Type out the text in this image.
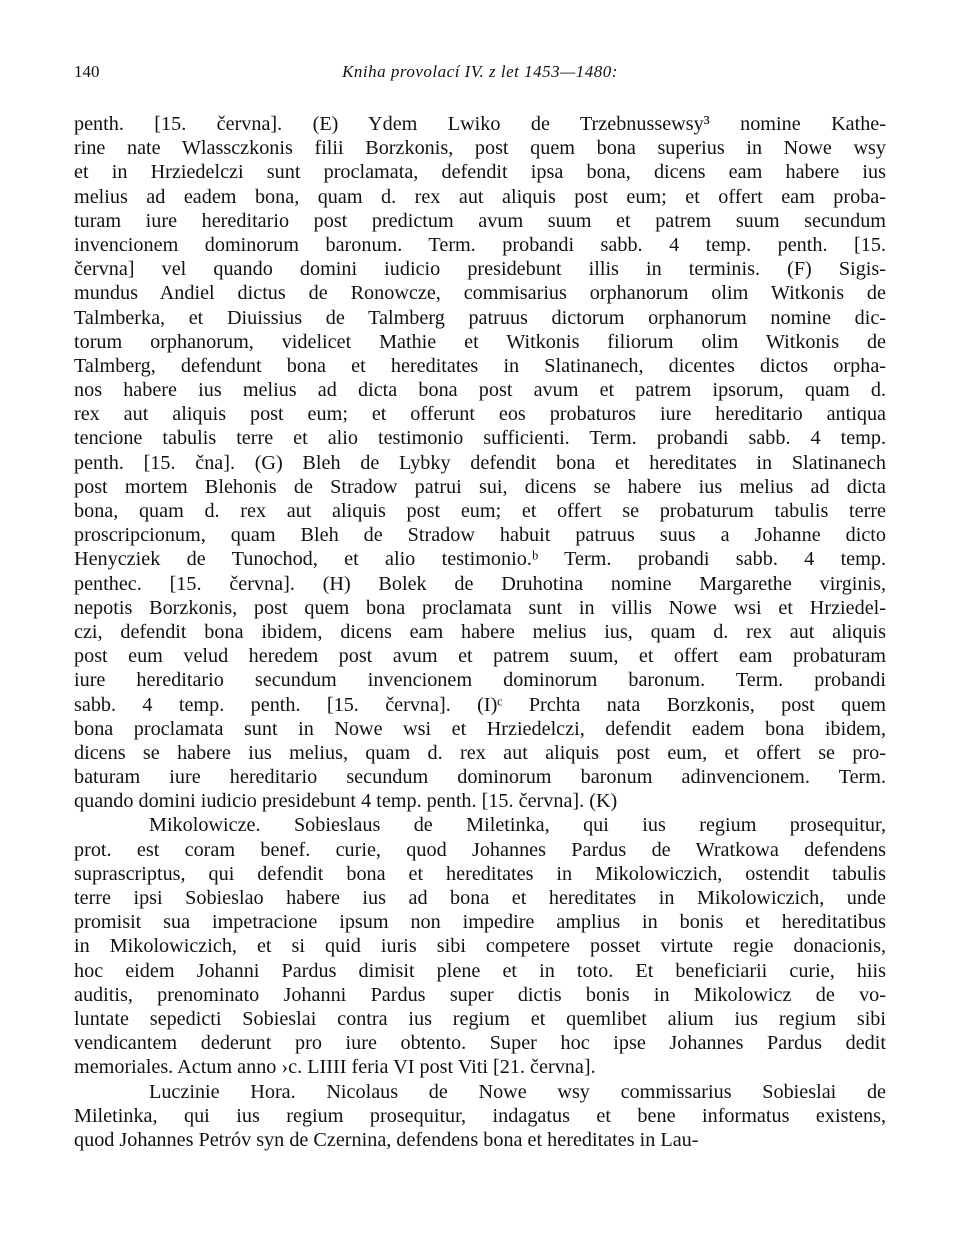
140	Kniha provolací IV. z let 1453—1480:
penth. [15. června]. (E) Ydem Lwiko de Trzebnussewsy³ nomine Kathe-
rine nate Wlassczkonis filii Borzkonis, post quem bona superius in Nowe wsy
et in Hrziedelczi sunt proclamata, defendit ipsa bona, dicens eam habere ius
melius ad eadem bona, quam d. rex aut aliquis post eum; et offert eam proba-
turam iure hereditario post predictum avum suum et patrem suum secundum
invencionem dominorum baronum. Term. probandi sabb. 4 temp. penth. [15.
června] vel quando domini iudicio presidebunt illis in terminis. (F) Sigis-
mundus Andiel dictus de Ronowcze, commisarius orphanorum olim Witkonis de
Talmberka, et Diuissius de Talmberg patruus dictorum orphanorum nomine dic-
torum orphanorum, videlicet Mathie et Witkonis filiorum olim Witkonis de
Talmberg, defendunt bona et hereditates in Slatinanech, dicentes dictos orpha-
nos habere ius melius ad dicta bona post avum et patrem ipsorum, quam d.
rex aut aliquis post eum; et offerunt eos probaturos iure hereditario antiqua
tencione tabulis terre et alio testimonio sufficienti. Term. probandi sabb. 4 temp.
penth. [15. čna]. (G) Bleh de Lybky defendit bona et hereditates in Slatinanech
post mortem Blehonis de Stradow patrui sui, dicens se habere ius melius ad dicta
bona, quam d. rex aut aliquis post eum; et offert se probaturum tabulis terre
proscripcionum, quam Bleh de Stradow habuit patruus suus a Johanne dicto
Henycziek de Tunochod, et alio testimonio.ᵇ Term. probandi sabb. 4 temp.
penthec. [15. června]. (H) Bolek de Druhotina nomine Margarethe virginis,
nepotis Borzkonis, post quem bona proclamata sunt in villis Nowe wsi et Hrziedel-
czi, defendit bona ibidem, dicens eam habere melius ius, quam d. rex aut aliquis
post eum velud heredem post avum et patrem suum, et offert eam probaturam
iure hereditario secundum invencionem dominorum baronum. Term. probandi
sabb. 4 temp. penth. [15. června]. (I)ᶜ Prchta nata Borzkonis, post quem
bona proclamata sunt in Nowe wsi et Hrziedelczi, defendit eadem bona ibidem,
dicens se habere ius melius, quam d. rex aut aliquis post eum, et offert se pro-
baturam iure hereditario secundum dominorum baronum adinvencionem. Term.
quando domini iudicio presidebunt 4 temp. penth. [15. června]. (K)
Mikolowicze. Sobieslaus de Miletinka, qui ius regium prosequitur,
prot. est coram benef. curie, quod Johannes Pardus de Wratkowa defendens
suprascriptus, qui defendit bona et hereditates in Mikolowiczich, ostendit tabulis
terre ipsi Sobieslao habere ius ad bona et hereditates in Mikolowiczich, unde
promisit sua impetracione ipsum non impedire amplius in bonis et hereditatibus
in Mikolowiczich, et si quid iuris sibi competere posset virtute regie donacionis,
hoc eidem Johanni Pardus dimisit plene et in toto. Et beneficiarii curie, hiis
auditis, prenominato Johanni Pardus super dictis bonis in Mikolowicz de vo-
luntate sepedicti Sobieslai contra ius regium et quemlibet alium ius regium sibi
vendicantem dederunt pro iure obtento. Super hoc ipse Johannes Pardus dedit
memoriales. Actum anno ›c. LIIII feria VI post Viti [21. června].
Luczinie Hora. Nicolaus de Nowe wsy commissarius Sobieslai de
Miletinka, qui ius regium prosequitur, indagatus et bene informatus existens,
quod Johannes Petróv syn de Czernina, defendens bona et hereditates in Lau-
